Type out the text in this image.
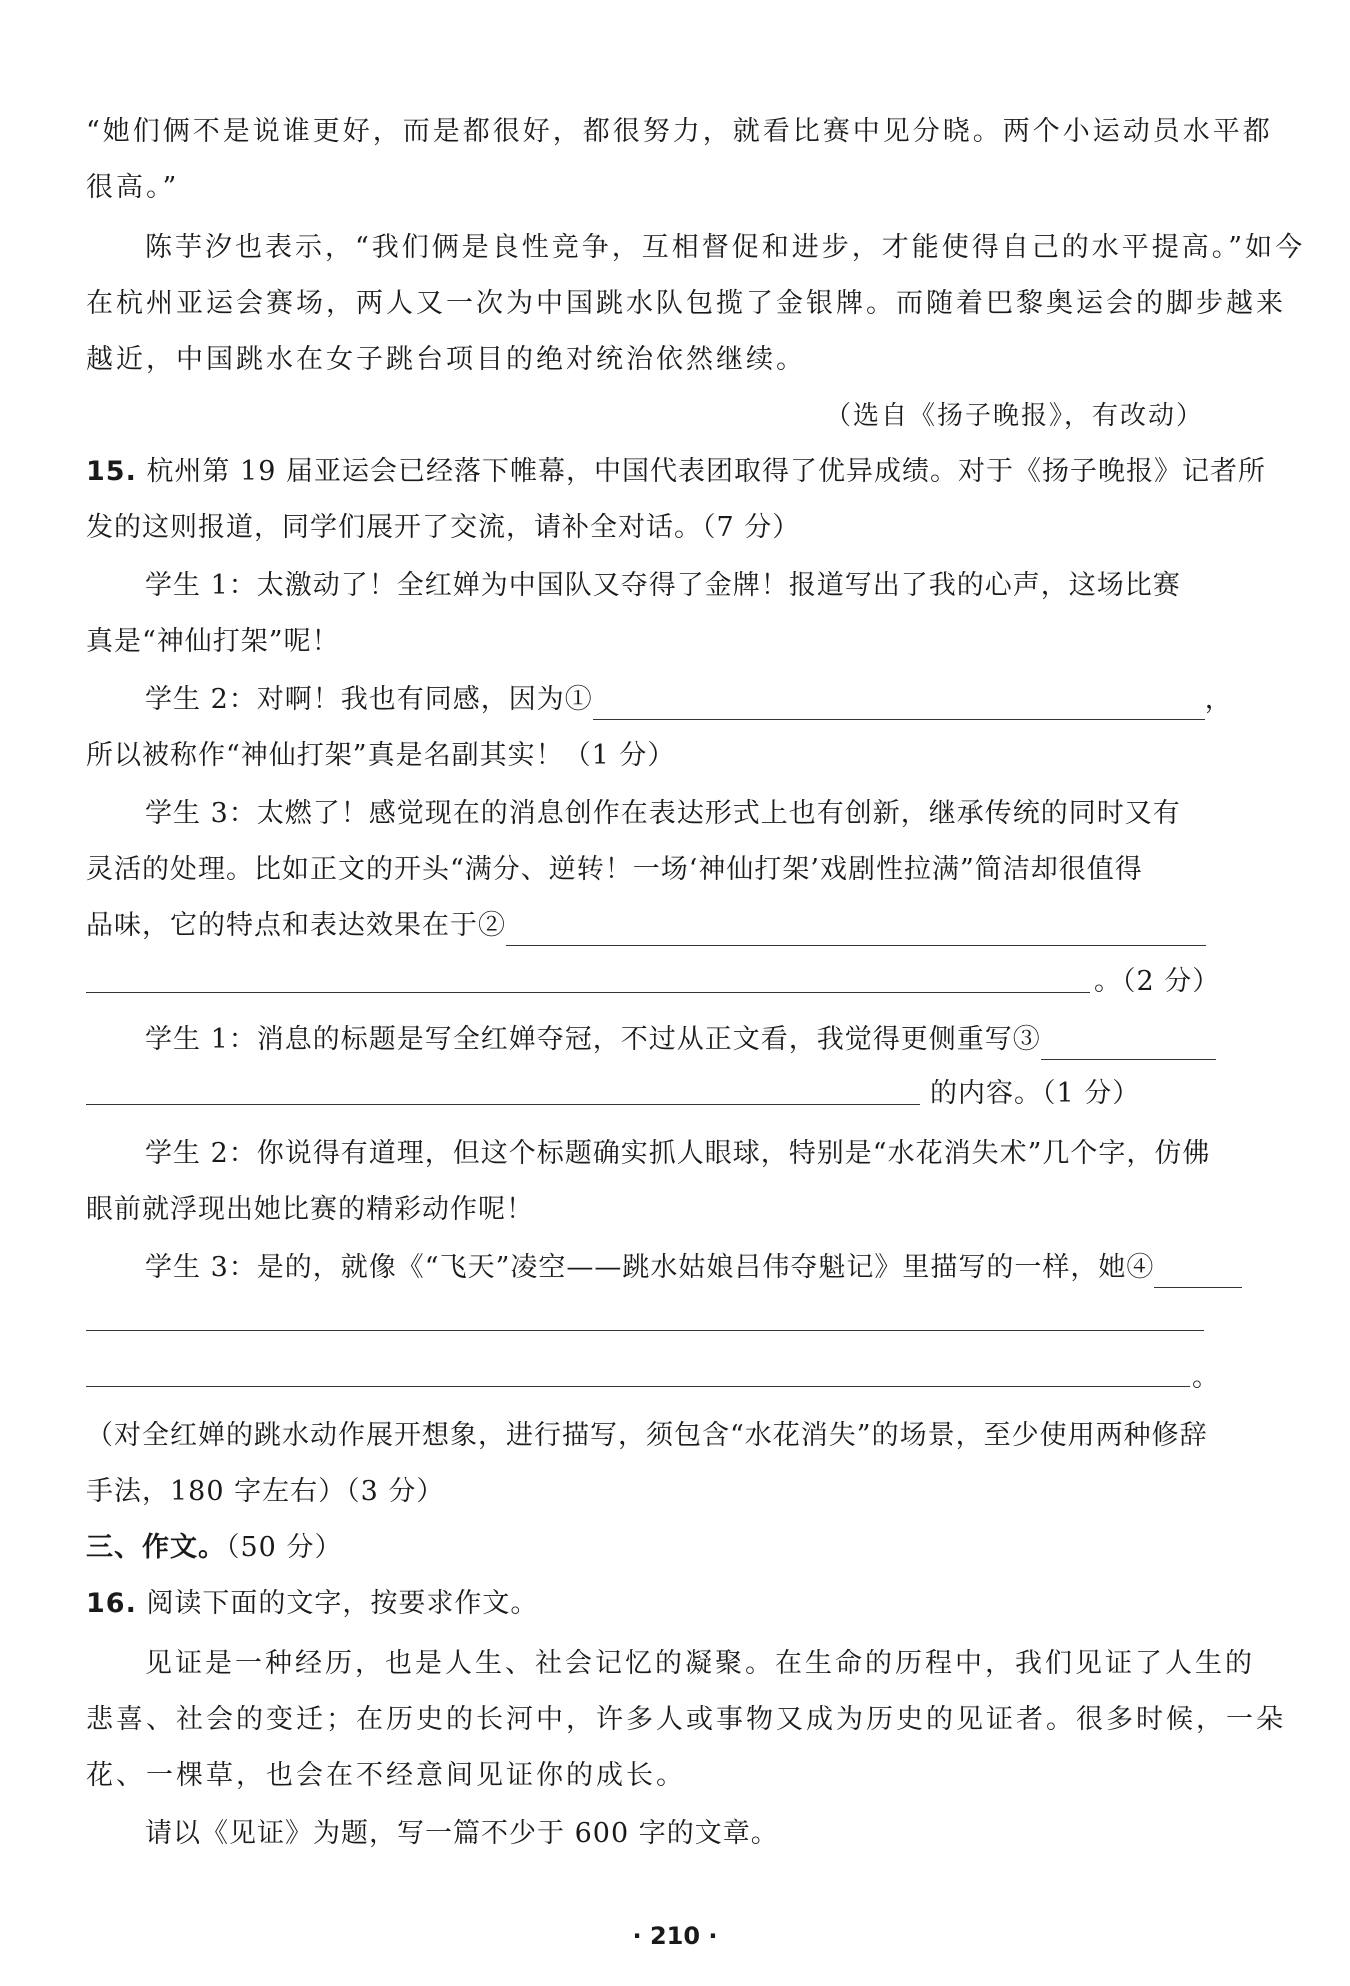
“她们俩不是说谁更好，而是都很好，都很努力，就看比赛中见分晓。两个小运动员水平都
很高。”
陈芋汐也表示，“我们俩是良性竞争，互相督促和进步，才能使得自己的水平提高。”如今
在杭州亚运会赛场，两人又一次为中国跳水队包揽了金银牌。而随着巴黎奥运会的脚步越来
越近，中国跳水在女子跳台项目的绝对统治依然继续。
（选自《扬子晚报》，有改动）
15. 杭州第 19 届亚运会已经落下帷幕，中国代表团取得了优异成绩。对于《扬子晚报》记者所
发的这则报道，同学们展开了交流，请补全对话。（7 分）
学生 1：太激动了！全红婵为中国队又夺得了金牌！报道写出了我的心声，这场比赛
真是“神仙打架”呢！
学生 2：对啊！我也有同感，因为①	，
所以被称作“神仙打架”真是名副其实！（1 分）
学生 3：太燃了！感觉现在的消息创作在表达形式上也有创新，继承传统的同时又有
灵活的处理。比如正文的开头“满分、逆转！一场‘神仙打架’戏剧性拉满”简洁却很值得
品味，它的特点和表达效果在于②
。（2 分）
学生 1：消息的标题是写全红婵夺冠，不过从正文看，我觉得更侧重写③
的内容。（1 分）
学生 2：你说得有道理，但这个标题确实抓人眼球，特别是“水花消失术”几个字，仿佛
眼前就浮现出她比赛的精彩动作呢！
学生 3：是的，就像《“飞天”凌空——跳水姑娘吕伟夺魁记》里描写的一样，她④
。
（对全红婵的跳水动作展开想象，进行描写，须包含“水花消失”的场景，至少使用两种修辞
手法，180 字左右）（3 分）
三、作文。（50 分）
16. 阅读下面的文字，按要求作文。
见证是一种经历，也是人生、社会记忆的凝聚。在生命的历程中，我们见证了人生的
悲喜、社会的变迁；在历史的长河中，许多人或事物又成为历史的见证者。很多时候，一朵
花、一棵草，也会在不经意间见证你的成长。
请以《见证》为题，写一篇不少于 600 字的文章。
· 210 ·
